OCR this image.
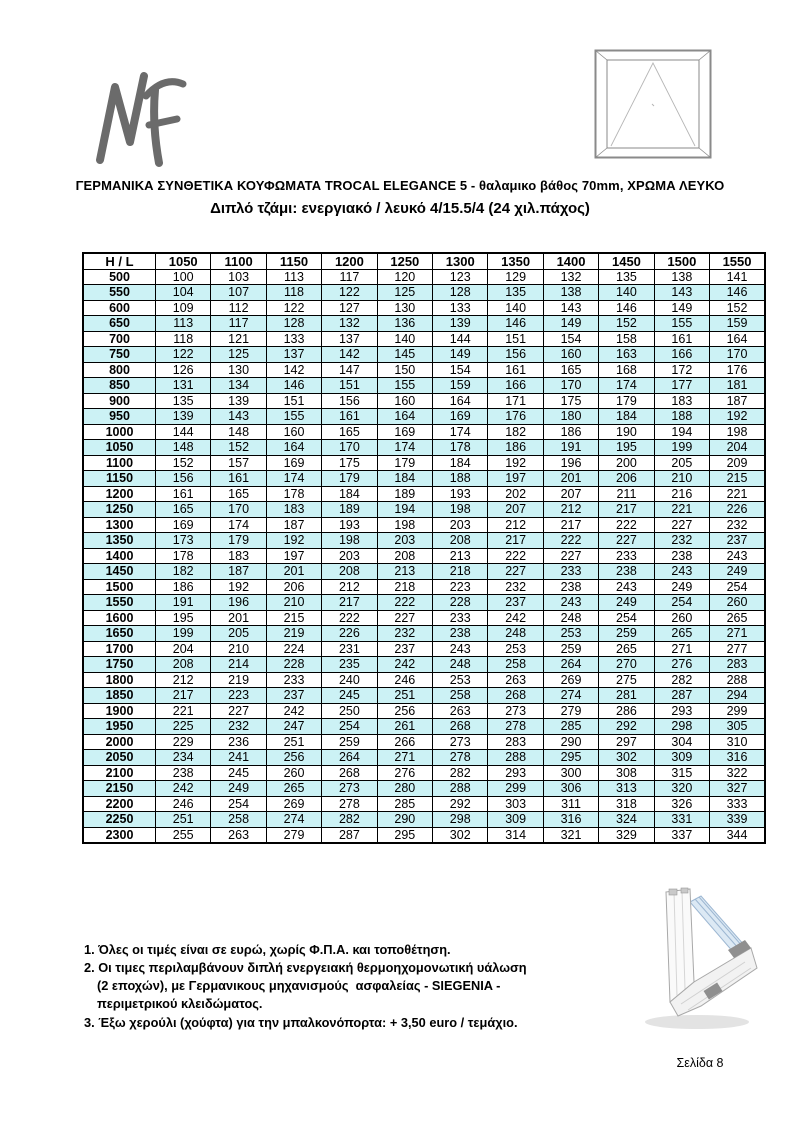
ΓΕΡΜΑΝΙΚΑ ΣΥΝΘΕΤΙΚΑ ΚΟΥΦΩΜΑΤΑ TROCAL ELEGANCE 5 - θαλαμικο βάθος 70mm, ΧΡΩΜΑ ΛΕΥΚΟ
Διπλό τζάμι: ενεργιακό / λευκό 4/15.5/4 (24 χιλ.πάχος)
H / L	1050	1100	1150	1200	1250	1300	1350	1400	1450	1500	1550
500	100	103	113	117	120	123	129	132	135	138	141
550	104	107	118	122	125	128	135	138	140	143	146
600	109	112	122	127	130	133	140	143	146	149	152
650	113	117	128	132	136	139	146	149	152	155	159
700	118	121	133	137	140	144	151	154	158	161	164
750	122	125	137	142	145	149	156	160	163	166	170
800	126	130	142	147	150	154	161	165	168	172	176
850	131	134	146	151	155	159	166	170	174	177	181
900	135	139	151	156	160	164	171	175	179	183	187
950	139	143	155	161	164	169	176	180	184	188	192
1000	144	148	160	165	169	174	182	186	190	194	198
1050	148	152	164	170	174	178	186	191	195	199	204
1100	152	157	169	175	179	184	192	196	200	205	209
1150	156	161	174	179	184	188	197	201	206	210	215
1200	161	165	178	184	189	193	202	207	211	216	221
1250	165	170	183	189	194	198	207	212	217	221	226
1300	169	174	187	193	198	203	212	217	222	227	232
1350	173	179	192	198	203	208	217	222	227	232	237
1400	178	183	197	203	208	213	222	227	233	238	243
1450	182	187	201	208	213	218	227	233	238	243	249
1500	186	192	206	212	218	223	232	238	243	249	254
1550	191	196	210	217	222	228	237	243	249	254	260
1600	195	201	215	222	227	233	242	248	254	260	265
1650	199	205	219	226	232	238	248	253	259	265	271
1700	204	210	224	231	237	243	253	259	265	271	277
1750	208	214	228	235	242	248	258	264	270	276	283
1800	212	219	233	240	246	253	263	269	275	282	288
1850	217	223	237	245	251	258	268	274	281	287	294
1900	221	227	242	250	256	263	273	279	286	293	299
1950	225	232	247	254	261	268	278	285	292	298	305
2000	229	236	251	259	266	273	283	290	297	304	310
2050	234	241	256	264	271	278	288	295	302	309	316
2100	238	245	260	268	276	282	293	300	308	315	322
2150	242	249	265	273	280	288	299	306	313	320	327
2200	246	254	269	278	285	292	303	311	318	326	333
2250	251	258	274	282	290	298	309	316	324	331	339
2300	255	263	279	287	295	302	314	321	329	337	344
1. Όλες οι τιμές είναι σε ευρώ, χωρίς Φ.Π.Α. και τοποθέτηση.
2. Οι τιμες περιλαμβάνουν διπλή ενεργειακή θερμοηχομονωτική υάλωση
(2 εποχών), με Γερμανικους μηχανισμούς  ασφαλείας - SIEGENIA -
περιμετρικού κλειδώματος.
3. Έξω χερούλι (χούφτα) για την μπαλκονόπορτα: + 3,50 euro / τεμάχιο.
Σελίδα 8
